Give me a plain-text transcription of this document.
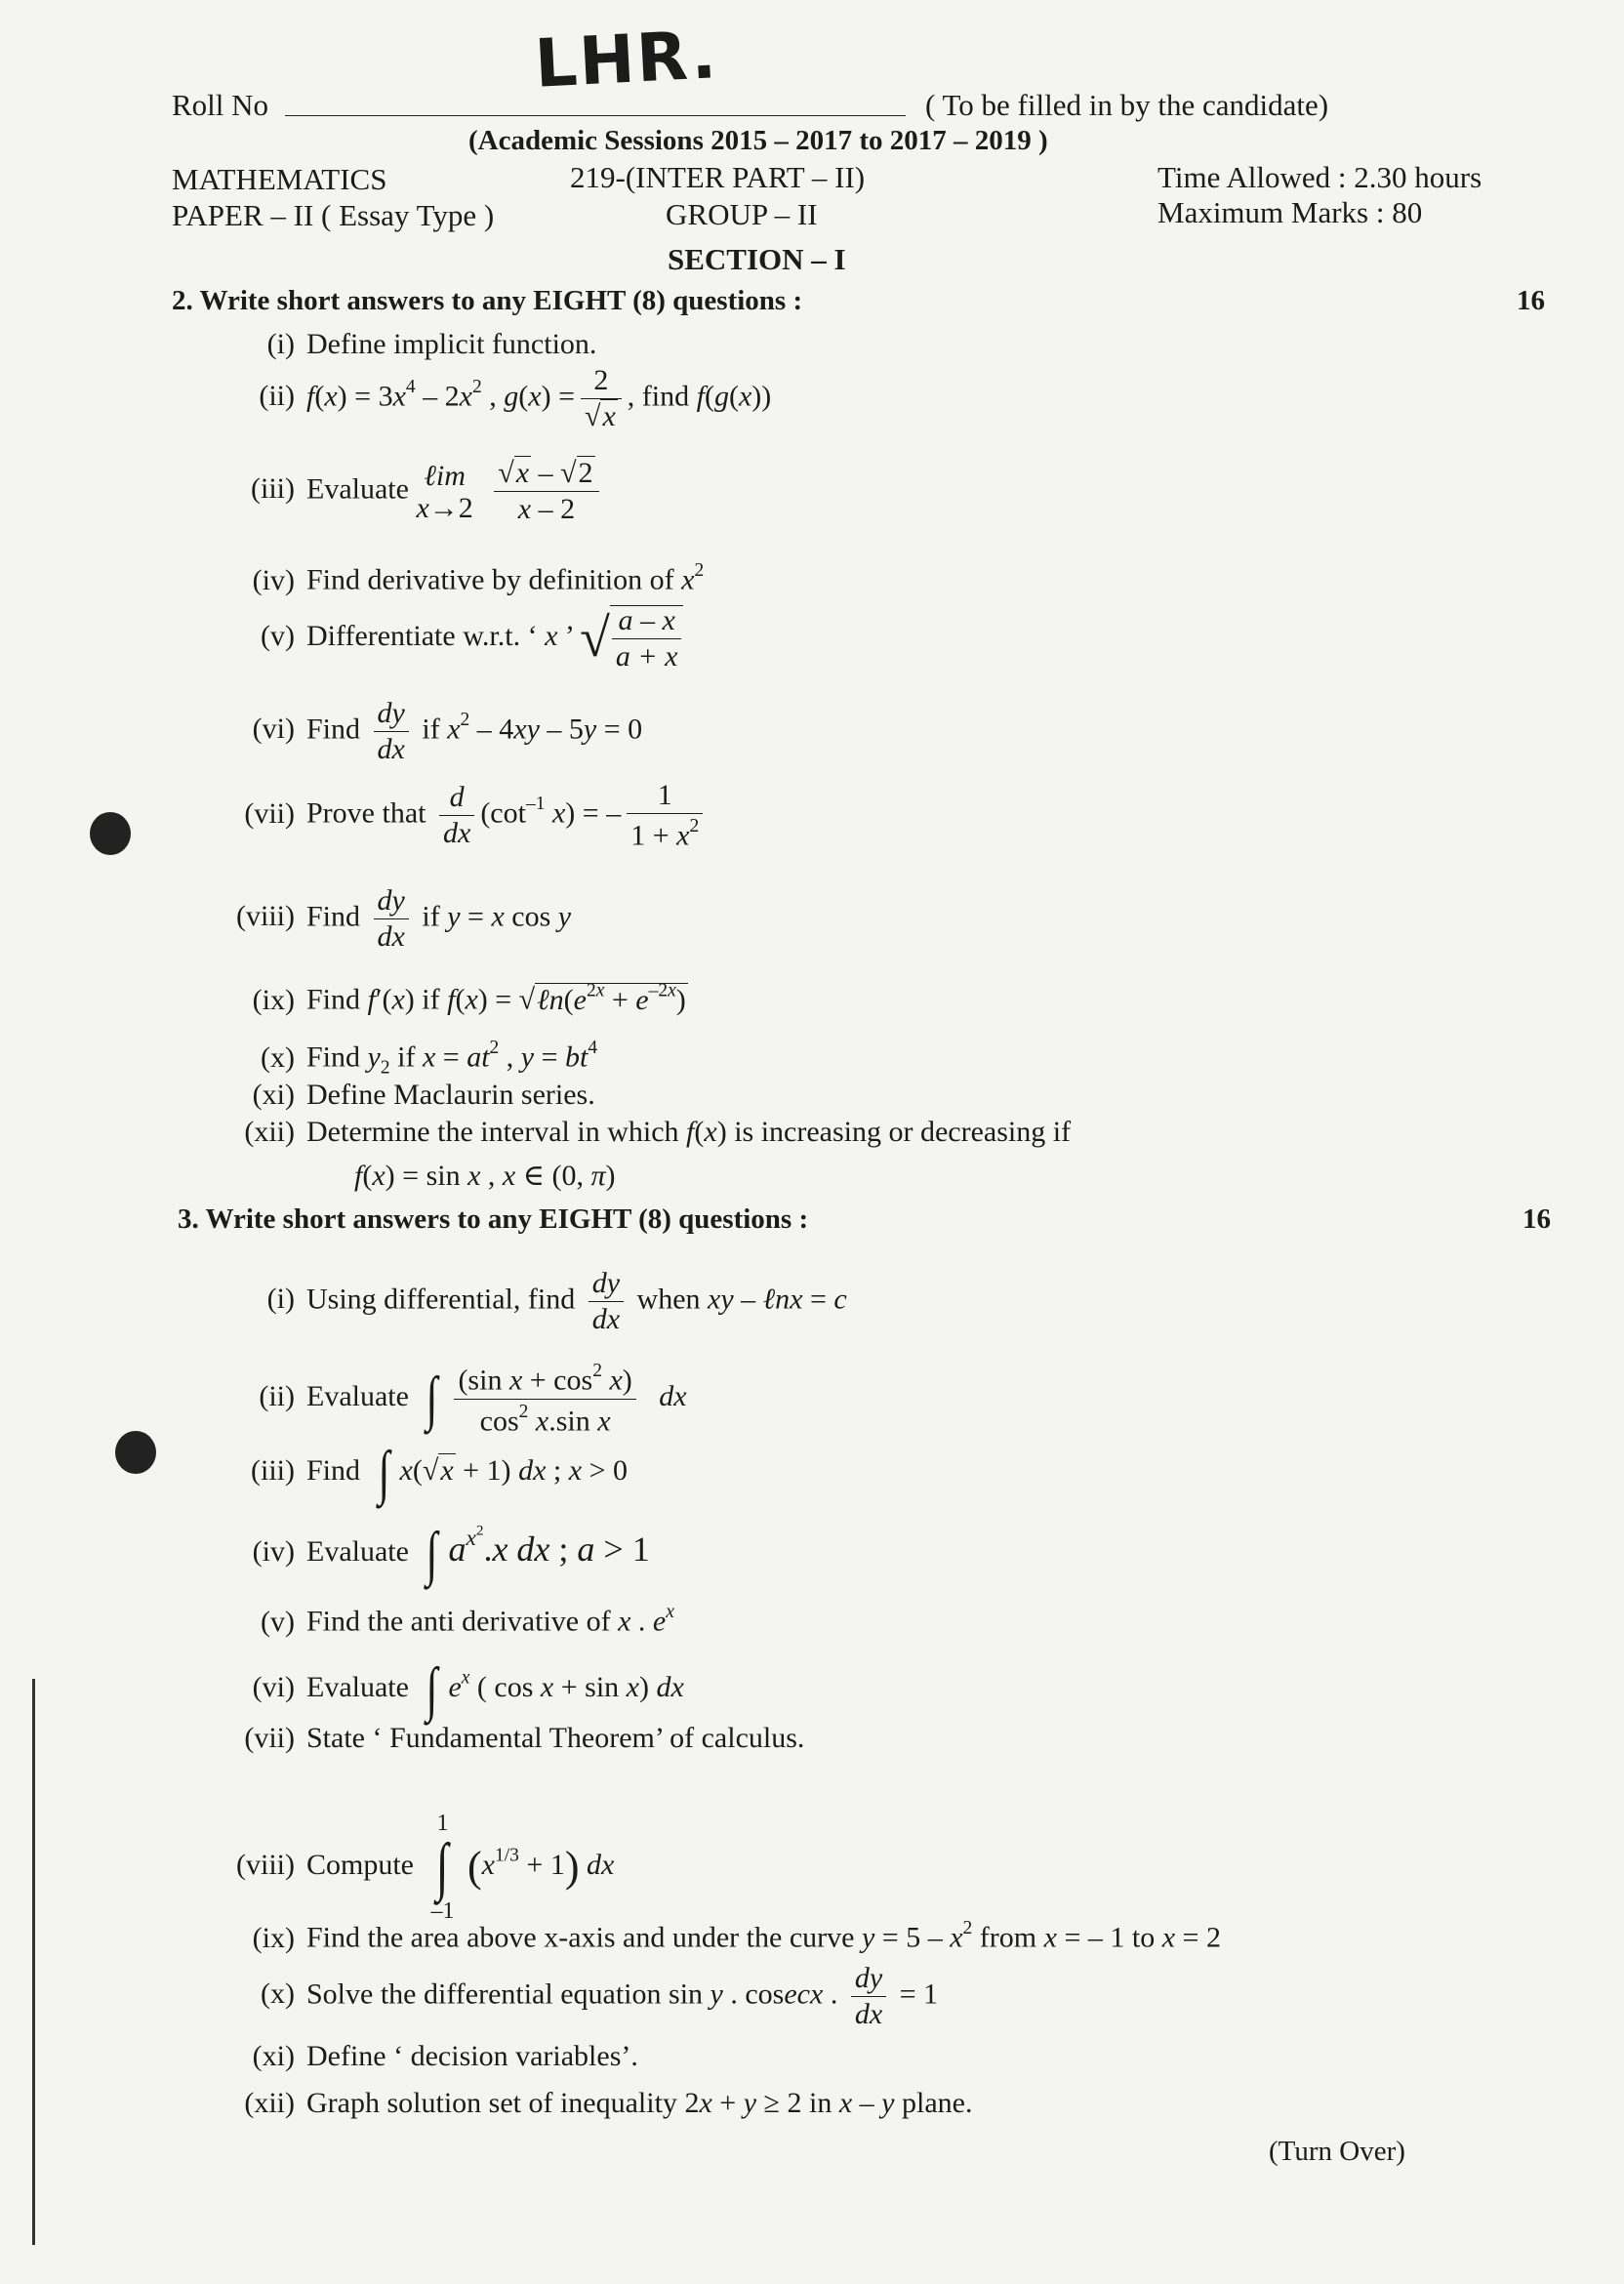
Roll No
LHR.
( To be filled in by the candidate)
(Academic Sessions 2015 – 2017 to 2017 – 2019 )
MATHEMATICS	219-(INTER PART – II)	Time Allowed : 2.30 hours
PAPER – II ( Essay Type )	GROUP – II	Maximum Marks : 80
SECTION – I
2. Write short answers to any EIGHT (8) questions :	16
(i) Define implicit function.
(ii) $f(x) = 3x^4 - 2x^2$ , $g(x) = \frac{2}{√x}$ , find f(g(x))
(iii) Evaluate ℓim
$x\to 2 \frac{√x - √2}{x - 2}$
(iv) Find derivative by definition of $x^2$
(v) Differentiate w.r.t. ‘ x ’ √ $\frac{a - x}{a + x}$
(vi) Find $\frac{dy}{dx}$ if $x^2 - 4xy - 5y = 0$
(vii) Prove that $\frac{d}{dx} (\cot^{-1}$ x) = – $\frac{1}{1 + x^2}$
(viii) Find $\frac{dy}{dx}$ if y = x cos y
(ix) Find f′(x) if $f(x) = √\ell n(e^{2x} + e^{-2x})$
(x) Find $y_2$ if $x = at^2$ , $y = bt^4$
(xi) Define Maclaurin series.
(xii) Determine the interval in which f(x) is increasing or decreasing if
f(x) = sin x , x ∈ (0, π)
3. Write short answers to any EIGHT (8) questions :	16
(i) Using differential, find $\frac{dy}{dx}$ when xy – ℓnx = c
(ii) Evaluate ∫ $\frac{(\sin x + \cos^2 x)}{\cos^2 x.\sin x}$ dx
(iii) Find ∫ x(√x + 1) dx ; x > 0
(iv) Evaluate ∫ $a^{x^2}.x$ dx ; a > 1
(v) Find the anti derivative of x . $e^x$
(vi) Evaluate ∫ $e^x$ ( cos x + sin x) dx
(vii) State ‘ Fundamental Theorem’ of calculus.
(viii) Compute 1
∫
–1 $(x^{1/3} + 1)$ dx
(ix) Find the area above x-axis and under the curve $y = 5 - x^2$ from x = – 1 to x = 2
(x) Solve the differential equation sin y . cosecx . $\frac{dy}{dx} = 1$
(xi) Define ‘ decision variables’.
(xii) Graph solution set of inequality 2x + y ≥ 2 in x – y plane.
(Turn Over)
